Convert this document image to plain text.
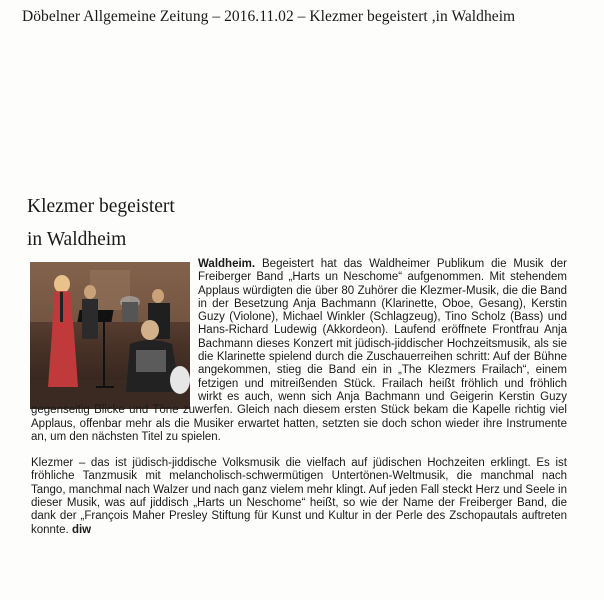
Döbelner Allgemeine Zeitung – 2016.11.02 – Klezmer begeistert ,in Waldheim
Klezmer begeistert
in Waldheim

Waldheim. Begeistert hat das Waldheimer Publikum die Musik der Freiberger Band „Harts un Neschome“ aufgenommen. Mit stehendem Applaus würdigten die über 80 Zuhörer die Klezmer-Musik, die die Band in der Besetzung Anja Bachmann (Klarinette, Oboe, Gesang), Kerstin Guzy (Violone), Michael Winkler (Schlagzeug), Tino Scholz (Bass) und Hans-Richard Ludewig (Akkordeon). Laufend eröffnete Frontfrau Anja Bachmann dieses Konzert mit jüdisch-jiddischer Hochzeitsmusik, als sie die Klarinette spielend durch die Zuschauerreihen schritt: Auf der Bühne angekommen, stieg die Band ein in „The Klezmers Frailach“, einem fetzigen und mitreißenden Stück. Frailach heißt fröhlich und fröhlich wirkt es auch, wenn sich Anja Bachmann und Geigerin Kerstin Guzy gegenseitig Blicke und Töne zuwerfen. Gleich nach diesem ersten Stück bekam die Kapelle richtig viel Applaus, offenbar mehr als die Musiker erwartet hatten, setzten sie doch schon wieder ihre Instrumente an, um den nächsten Titel zu spielen.

Klezmer – das ist jüdisch-jiddische Volksmusik die vielfach auf jüdischen Hochzeiten erklingt. Es ist fröhliche Tanzmusik mit melancholisch-schwermütigen Untertönen-Weltmusik, die manchmal nach Tango, manchmal nach Walzer und nach ganz vielem mehr klingt. Auf jeden Fall steckt Herz und Seele in dieser Musik, was auf jiddisch „Harts un Neschome“ heißt, so wie der Name der Freiberger Band, die dank der „François Maher Presley Stiftung für Kunst und Kultur in der Perle des Zschopautals auftreten konnte. diw
